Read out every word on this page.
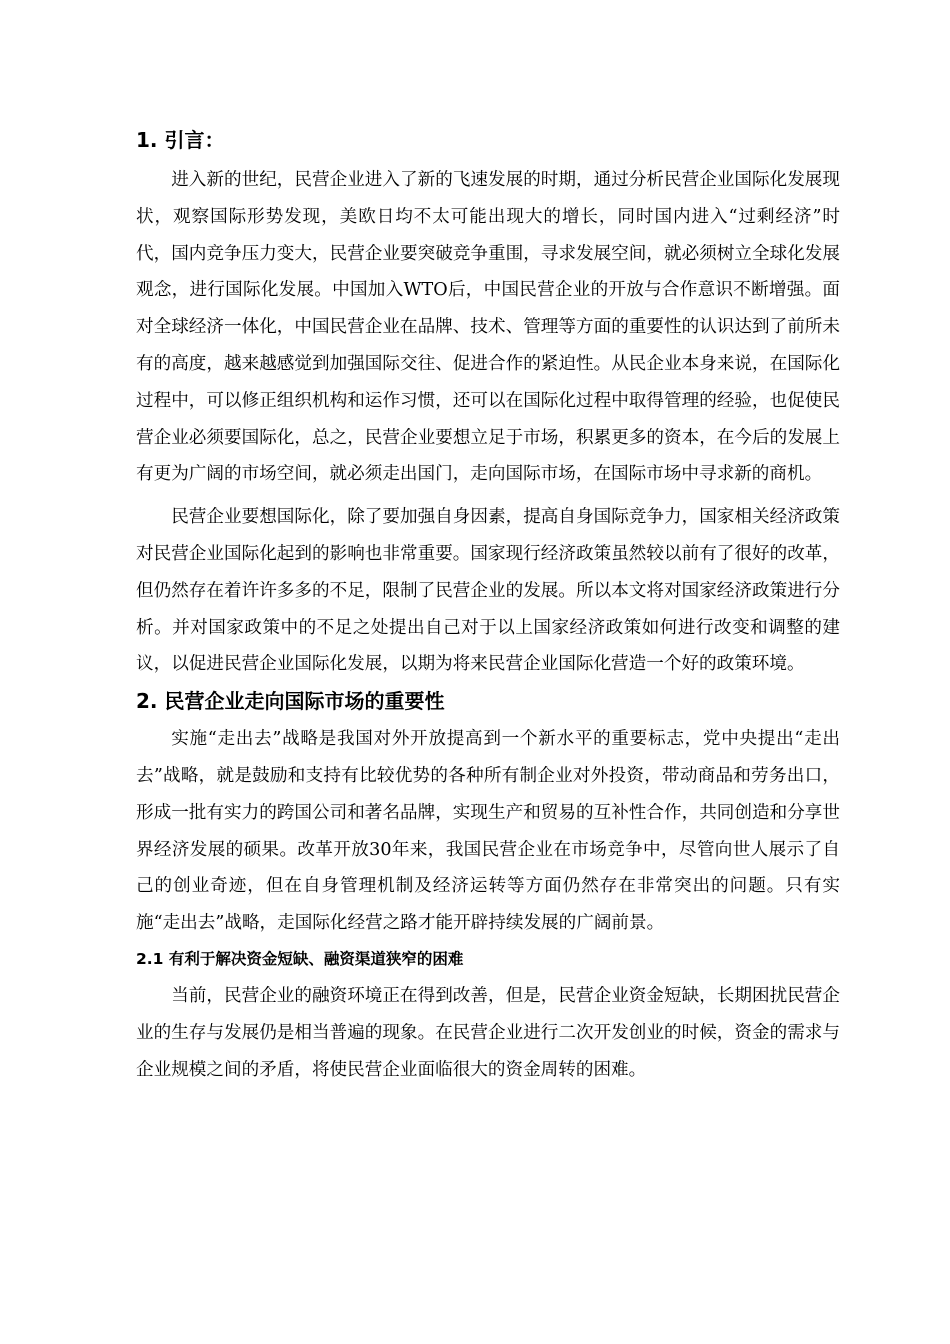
1. 引言：

进入新的世纪，民营企业进入了新的飞速发展的时期，通过分析民营企业国际化发展现状，观察国际形势发现，美欧日均不太可能出现大的增长，同时国内进入“过剩经济”时代，国内竞争压力变大，民营企业要突破竞争重围，寻求发展空间，就必须树立全球化发展观念，进行国际化发展。中国加入WTO后，中国民营企业的开放与合作意识不断增强。面对全球经济一体化，中国民营企业在品牌、技术、管理等方面的重要性的认识达到了前所未有的高度，越来越感觉到加强国际交往、促进合作的紧迫性。从民企业本身来说，在国际化过程中，可以修正组织机构和运作习惯，还可以在国际化过程中取得管理的经验，也促使民营企业必须要国际化，总之，民营企业要想立足于市场，积累更多的资本，在今后的发展上有更为广阔的市场空间，就必须走出国门，走向国际市场，在国际市场中寻求新的商机。

民营企业要想国际化，除了要加强自身因素，提高自身国际竞争力，国家相关经济政策对民营企业国际化起到的影响也非常重要。国家现行经济政策虽然较以前有了很好的改革，但仍然存在着许许多多的不足，限制了民营企业的发展。所以本文将对国家经济政策进行分析。并对国家政策中的不足之处提出自己对于以上国家经济政策如何进行改变和调整的建议，以促进民营企业国际化发展，以期为将来民营企业国际化营造一个好的政策环境。

2. 民营企业走向国际市场的重要性

实施“走出去”战略是我国对外开放提高到一个新水平的重要标志，党中央提出“走出去”战略，就是鼓励和支持有比较优势的各种所有制企业对外投资，带动商品和劳务出口，形成一批有实力的跨国公司和著名品牌，实现生产和贸易的互补性合作，共同创造和分享世界经济发展的硕果。改革开放30年来，我国民营企业在市场竞争中，尽管向世人展示了自己的创业奇迹，但在自身管理机制及经济运转等方面仍然存在非常突出的问题。只有实施“走出去”战略，走国际化经营之路才能开辟持续发展的广阔前景。

2.1 有利于解决资金短缺、融资渠道狭窄的困难

当前，民营企业的融资环境正在得到改善，但是，民营企业资金短缺，长期困扰民营企业的生存与发展仍是相当普遍的现象。在民营企业进行二次开发创业的时候，资金的需求与企业规模之间的矛盾，将使民营企业面临很大的资金周转的困难。
